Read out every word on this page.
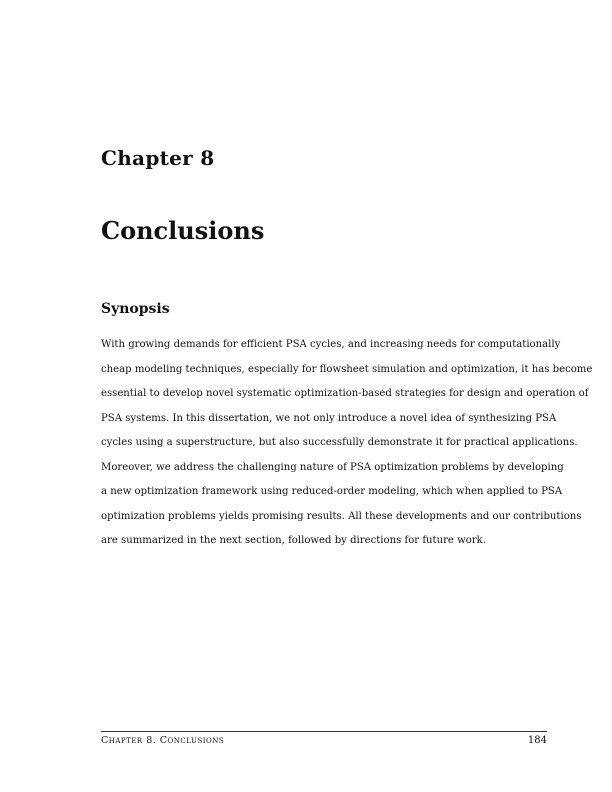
Chapter 8
Conclusions
Synopsis
With growing demands for efficient PSA cycles, and increasing needs for computationally
cheap modeling techniques, especially for flowsheet simulation and optimization, it has become
essential to develop novel systematic optimization-based strategies for design and operation of
PSA systems. In this dissertation, we not only introduce a novel idea of synthesizing PSA
cycles using a superstructure, but also successfully demonstrate it for practical applications.
Moreover, we address the challenging nature of PSA optimization problems by developing
a new optimization framework using reduced-order modeling, which when applied to PSA
optimization problems yields promising results. All these developments and our contributions
are summarized in the next section, followed by directions for future work.
Chapter 8. Conclusions	184
